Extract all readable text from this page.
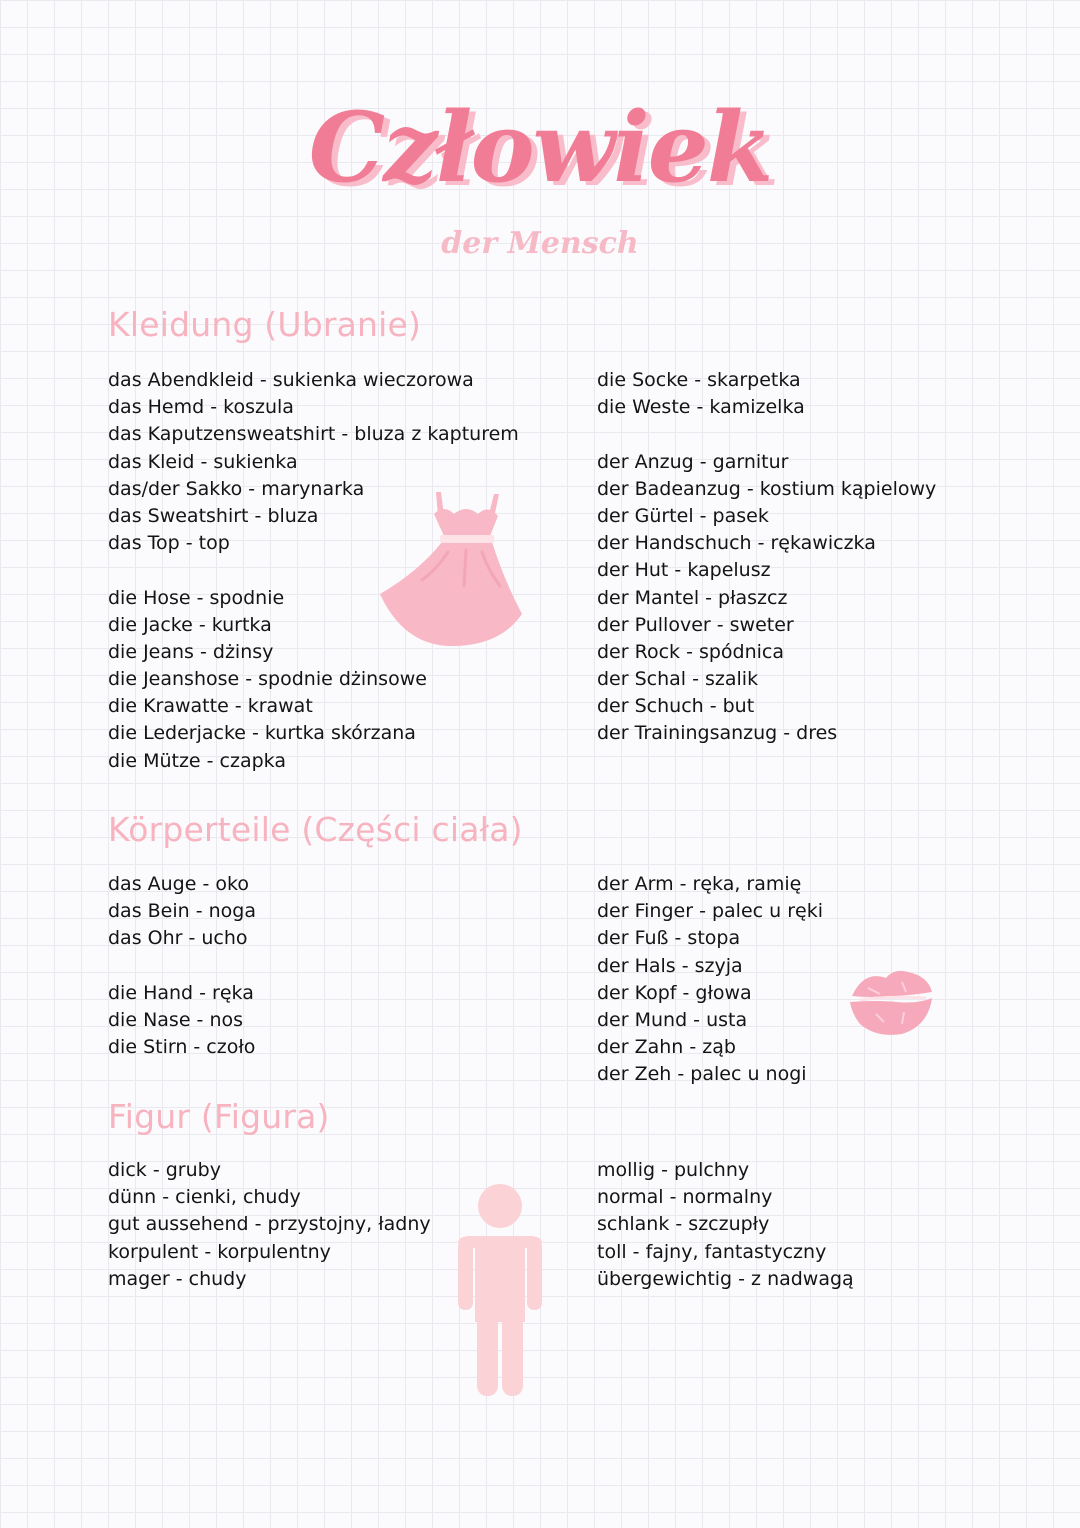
Człowiek
der Mensch
Kleidung (Ubranie)
das Abendkleid - sukienka wieczorowa
das Hemd - koszula
das Kaputzensweatshirt - bluza z kapturem
das Kleid - sukienka
das/der Sakko - marynarka
das Sweatshirt - bluza
das Top - top
die Hose - spodnie
die Jacke - kurtka
die Jeans - dżinsy
die Jeanshose - spodnie dżinsowe
die Krawatte - krawat
die Lederjacke - kurtka skórzana
die Mütze - czapka
die Socke - skarpetka
die Weste - kamizelka
der Anzug - garnitur
der Badeanzug - kostium kąpielowy
der Gürtel - pasek
der Handschuch - rękawiczka
der Hut - kapelusz
der Mantel - płaszcz
der Pullover - sweter
der Rock - spódnica
der Schal - szalik
der Schuch - but
der Trainingsanzug - dres
Körperteile (Części ciała)
das Auge - oko
das Bein - noga
das Ohr - ucho
die Hand - ręka
die Nase - nos
die Stirn - czoło
der Arm - ręka, ramię
der Finger - palec u ręki
der Fuß - stopa
der Hals - szyja
der Kopf - głowa
der Mund - usta
der Zahn - ząb
der Zeh - palec u nogi
Figur (Figura)
dick - gruby
dünn - cienki, chudy
gut aussehend - przystojny, ładny
korpulent - korpulentny
mager - chudy
mollig - pulchny
normal - normalny
schlank - szczupły
toll - fajny, fantastyczny
übergewichtig - z nadwagą
